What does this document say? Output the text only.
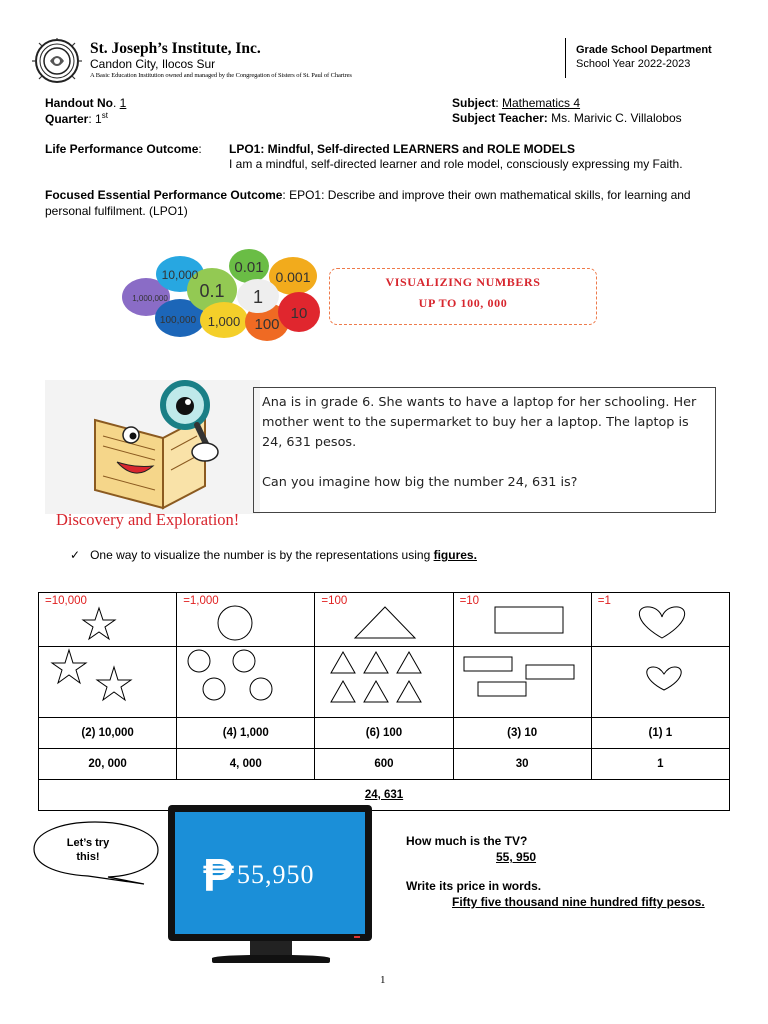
St. Joseph’s Institute, Inc.
Candon City, Ilocos Sur
A Basic Education Institution owned and managed by the Congregation of Sisters of St. Paul of Chartres
Grade School Department
School Year 2022-2023
Handout No. 1
Quarter: 1st
Subject: Mathematics 4
Subject Teacher: Ms. Marivic C. Villalobos
Life Performance Outcome: LPO1: Mindful, Self-directed LEARNERS and ROLE MODELS
I am a mindful, self-directed learner and role model, consciously expressing my Faith.
Focused Essential Performance Outcome: EPO1: Describe and improve their own mathematical skills, for learning and
personal fulfilment. (LPO1)
10,000 0.01
0.001
0.1 1
1,000,000
10
100,000 1,000 100
VISUALIZING NUMBERS
UP TO 100, 000
Discovery and Exploration!
Ana is in grade 6. She wants to have a laptop for her schooling. Her mother went to the supermarket to buy her a laptop. The laptop is 24, 631 pesos.
Can you imagine how big the number 24, 631 is?
✓ One way to visualize the number is by the representations using figures.
=10,000	=1,000	=100	=10	=1

(2) 10,000	(4) 1,000	(6) 100	(3) 10	(1) 1
20, 000	4, 000	600	30	1
24, 631				
Let’s try
this!	₱ 55,950
How much is the TV?
55, 950
Write its price in words.
Fifty five thousand nine hundred fifty pesos.
1
